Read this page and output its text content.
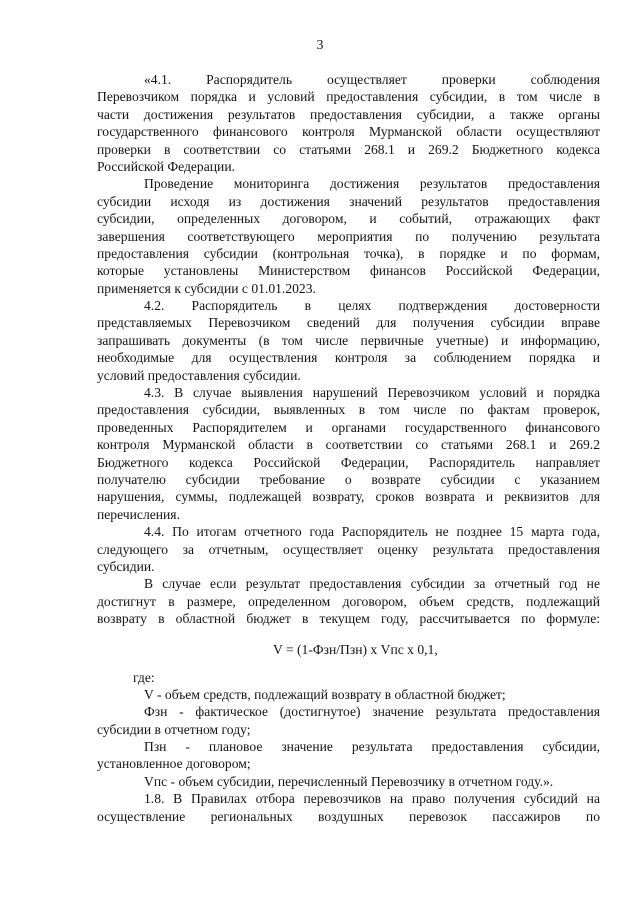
3
«4.1. Распорядитель осуществляет проверки соблюдения
Перевозчиком порядка и условий предоставления субсидии, в том числе в
части достижения результатов предоставления субсидии, а также органы
государственного финансового контроля Мурманской области осуществляют
проверки в соответствии со статьями 268.1 и 269.2 Бюджетного кодекса
Российской Федерации.
Проведение мониторинга достижения результатов предоставления
субсидии исходя из достижения значений результатов предоставления
субсидии, определенных договором, и событий, отражающих факт
завершения соответствующего мероприятия по получению результата
предоставления субсидии (контрольная точка), в порядке и по формам,
которые установлены Министерством финансов Российской Федерации,
применяется к субсидии с 01.01.2023.
4.2. Распорядитель в целях подтверждения достоверности
представляемых Перевозчиком сведений для получения субсидии вправе
запрашивать документы (в том числе первичные учетные) и информацию,
необходимые для осуществления контроля за соблюдением порядка и
условий предоставления субсидии.
4.3. В случае выявления нарушений Перевозчиком условий и порядка
предоставления субсидии, выявленных в том числе по фактам проверок,
проведенных Распорядителем и органами государственного финансового
контроля Мурманской области в соответствии со статьями 268.1 и 269.2
Бюджетного кодекса Российской Федерации, Распорядитель направляет
получателю субсидии требование о возврате субсидии с указанием
нарушения, суммы, подлежащей возврату, сроков возврата и реквизитов для
перечисления.
4.4. По итогам отчетного года Распорядитель не позднее 15 марта года,
следующего за отчетным, осуществляет оценку результата предоставления
субсидии.
В случае если результат предоставления субсидии за отчетный год не
достигнут в размере, определенном договором, объем средств, подлежащий
возврату в областной бюджет в текущем году, рассчитывается по формуле:
V = (1-Фзн/Пзн) х Vпс х 0,1,
где:
V - объем средств, подлежащий возврату в областной бюджет;
Фзн - фактическое (достигнутое) значение результата предоставления
субсидии в отчетном году;
Пзн - плановое значение результата предоставления субсидии,
установленное договором;
Vпс - объем субсидии, перечисленный Перевозчику в отчетном году.».
1.8. В Правилах отбора перевозчиков на право получения субсидий на
осуществление региональных воздушных перевозок пассажиров по
